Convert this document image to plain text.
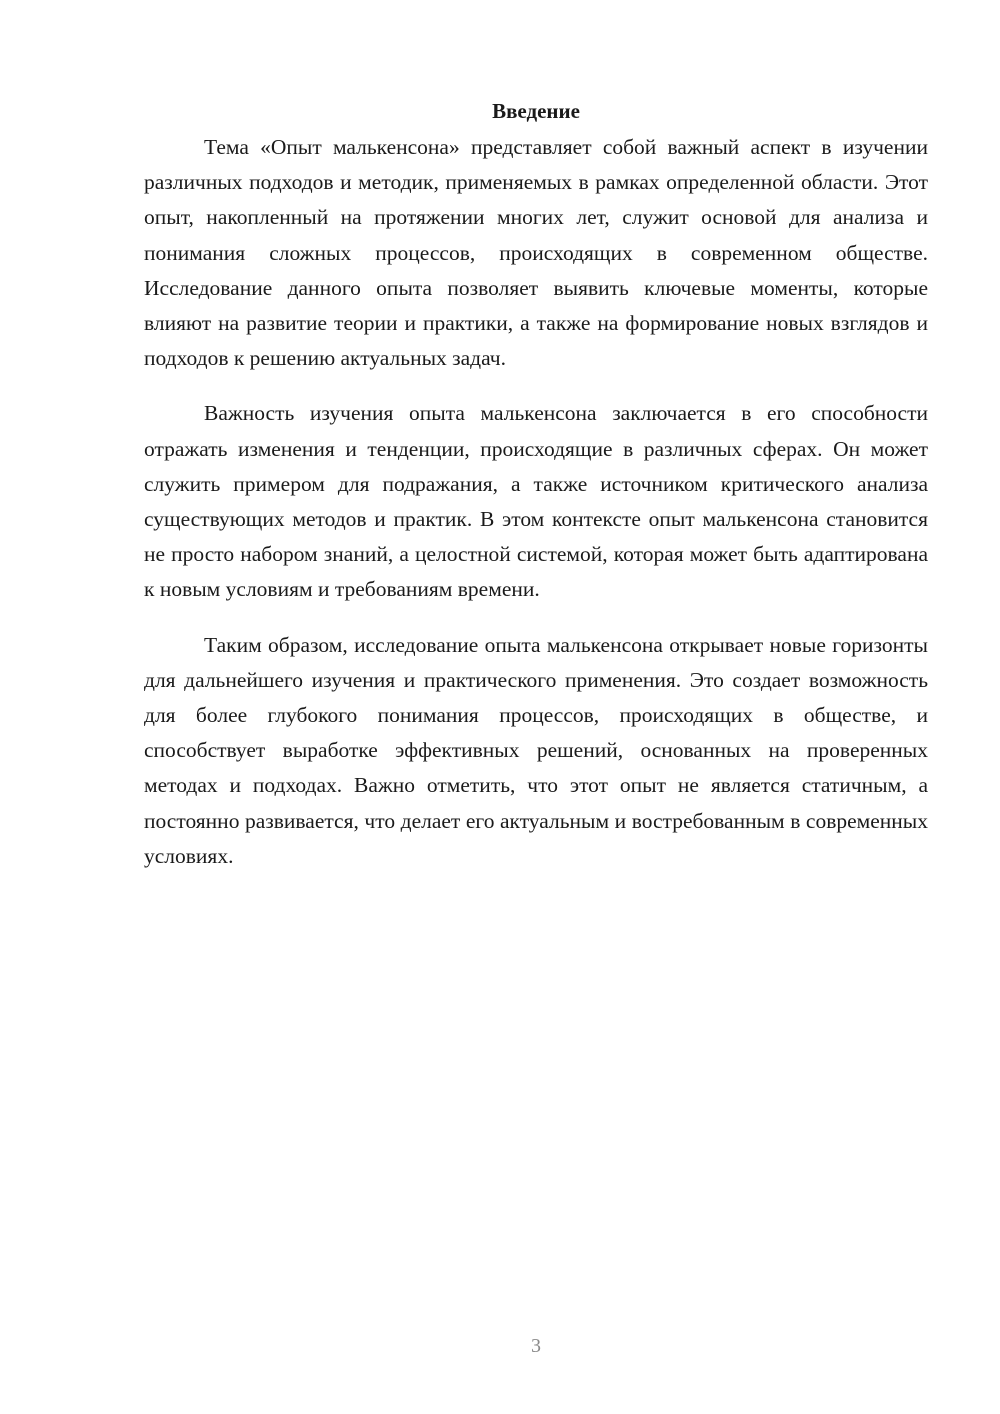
Введение

Тема «Опыт малькенсона» представляет собой важный аспект в изучении различных подходов и методик, применяемых в рамках определенной области. Этот опыт, накопленный на протяжении многих лет, служит основой для анализа и понимания сложных процессов, происходящих в современном обществе. Исследование данного опыта позволяет выявить ключевые моменты, которые влияют на развитие теории и практики, а также на формирование новых взглядов и подходов к решению актуальных задач.

Важность изучения опыта малькенсона заключается в его способности отражать изменения и тенденции, происходящие в различных сферах. Он может служить примером для подражания, а также источником критического анализа существующих методов и практик. В этом контексте опыт малькенсона становится не просто набором знаний, а целостной системой, которая может быть адаптирована к новым условиям и требованиям времени.

Таким образом, исследование опыта малькенсона открывает новые горизонты для дальнейшего изучения и практического применения. Это создает возможность для более глубокого понимания процессов, происходящих в обществе, и способствует выработке эффективных решений, основанных на проверенных методах и подходах. Важно отметить, что этот опыт не является статичным, а постоянно развивается, что делает его актуальным и востребованным в современных условиях.

3
